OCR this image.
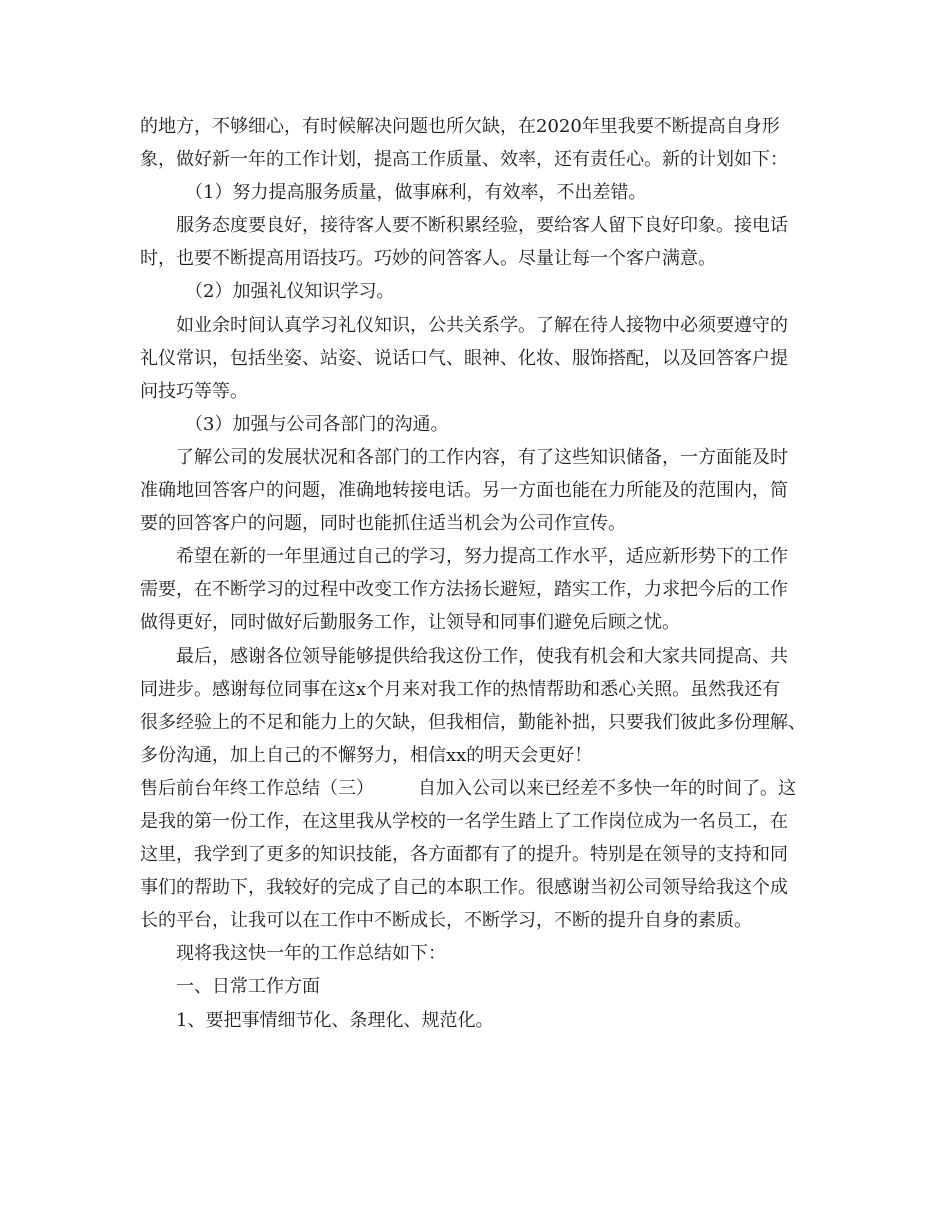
的地方，不够细心，有时候解决问题也所欠缺，在2020年里我要不断提高自身形
象，做好新一年的工作计划，提高工作质量、效率，还有责任心。新的计划如下：
（1）努力提高服务质量，做事麻利，有效率，不出差错。
服务态度要良好，接待客人要不断积累经验，要给客人留下良好印象。接电话
时，也要不断提高用语技巧。巧妙的问答客人。尽量让每一个客户满意。
（2）加强礼仪知识学习。
如业余时间认真学习礼仪知识，公共关系学。了解在待人接物中必须要遵守的
礼仪常识，包括坐姿、站姿、说话口气、眼神、化妆、服饰搭配，以及回答客户提
问技巧等等。
（3）加强与公司各部门的沟通。
了解公司的发展状况和各部门的工作内容，有了这些知识储备，一方面能及时
准确地回答客户的问题，准确地转接电话。另一方面也能在力所能及的范围内，简
要的回答客户的问题，同时也能抓住适当机会为公司作宣传。
希望在新的一年里通过自己的学习，努力提高工作水平，适应新形势下的工作
需要，在不断学习的过程中改变工作方法扬长避短，踏实工作，力求把今后的工作
做得更好，同时做好后勤服务工作，让领导和同事们避免后顾之忧。
最后，感谢各位领导能够提供给我这份工作，使我有机会和大家共同提高、共
同进步。感谢每位同事在这x个月来对我工作的热情帮助和悉心关照。虽然我还有
很多经验上的不足和能力上的欠缺，但我相信，勤能补拙，只要我们彼此多份理解、
多份沟通，加上自己的不懈努力，相信xx的明天会更好！
售后前台年终工作总结（三） 自加入公司以来已经差不多快一年的时间了。这
是我的第一份工作，在这里我从学校的一名学生踏上了工作岗位成为一名员工，在
这里，我学到了更多的知识技能，各方面都有了的提升。特别是在领导的支持和同
事们的帮助下，我较好的完成了自己的本职工作。很感谢当初公司领导给我这个成
长的平台，让我可以在工作中不断成长，不断学习，不断的提升自身的素质。
现将我这快一年的工作总结如下：
一、日常工作方面
1、要把事情细节化、条理化、规范化。
